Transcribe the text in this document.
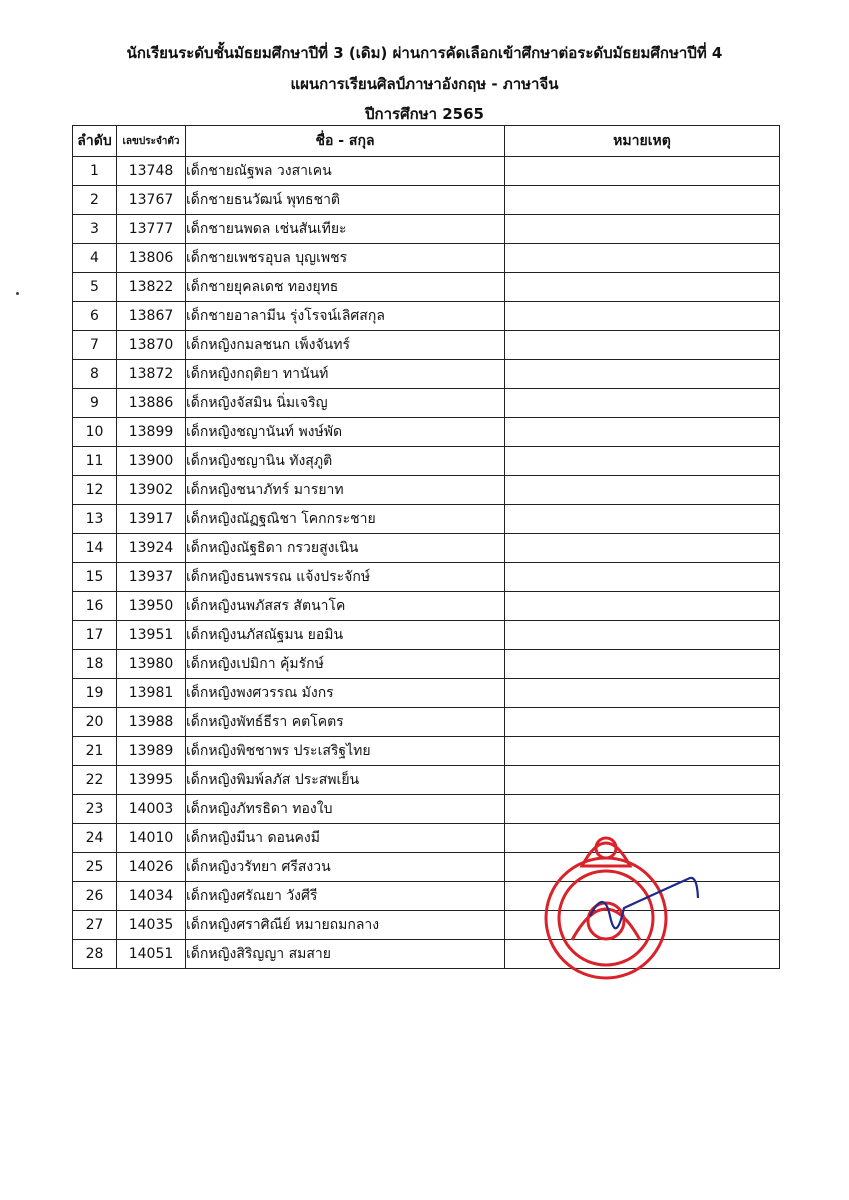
นักเรียนระดับชั้นมัธยมศึกษาปีที่ 3 (เดิม) ผ่านการคัดเลือกเข้าศึกษาต่อระดับมัธยมศึกษาปีที่ 4
แผนการเรียนศิลป์ภาษาอังกฤษ - ภาษาจีน
ปีการศึกษา 2565
ลำดับ	เลขประจำตัว	ชื่อ - สกุล	หมายเหตุ
1	13748	เด็กชายณัฐพล วงสาเคน	
2	13767	เด็กชายธนวัฒน์ พุทธชาติ	
3	13777	เด็กชายนพดล เช่นสันเทียะ	
4	13806	เด็กชายเพชรอุบล บุญเพชร	
5	13822	เด็กชายยุคลเดช ทองยุทธ	
6	13867	เด็กชายอาลามีน รุ่งโรจน์เลิศสกุล	
7	13870	เด็กหญิงกมลชนก เพ็งจันทร์	
8	13872	เด็กหญิงกฤติยา ทานันท์	
9	13886	เด็กหญิงจัสมิน นิ่มเจริญ	
10	13899	เด็กหญิงชญานันท์ พงษ์พัด	
11	13900	เด็กหญิงชญานิน ทังสุภูติ	
12	13902	เด็กหญิงชนาภัทร์ มารยาท	
13	13917	เด็กหญิงณัฏฐณิชา โคกกระชาย	
14	13924	เด็กหญิงณัฐธิดา กรวยสูงเนิน	
15	13937	เด็กหญิงธนพรรณ แจ้งประจักษ์	
16	13950	เด็กหญิงนพภัสสร สัตนาโค	
17	13951	เด็กหญิงนภัสณัฐมน ยอมิน	
18	13980	เด็กหญิงเปมิกา คุ้มรักษ์	
19	13981	เด็กหญิงพงศวรรณ มังกร	
20	13988	เด็กหญิงพัทธ์ธีรา คตโคตร	
21	13989	เด็กหญิงพิชชาพร ประเสริฐไทย	
22	13995	เด็กหญิงพิมพ์ลภัส ประสพเย็น	
23	14003	เด็กหญิงภัทรธิดา ทองใบ	
24	14010	เด็กหญิงมีนา ดอนคงมี	
25	14026	เด็กหญิงวรัทยา ศรีสงวน	
26	14034	เด็กหญิงศรัณยา วังศีรี	
27	14035	เด็กหญิงศราศิณีย์ หมายถมกลาง	
28	14051	เด็กหญิงสิริญญา สมสาย	
